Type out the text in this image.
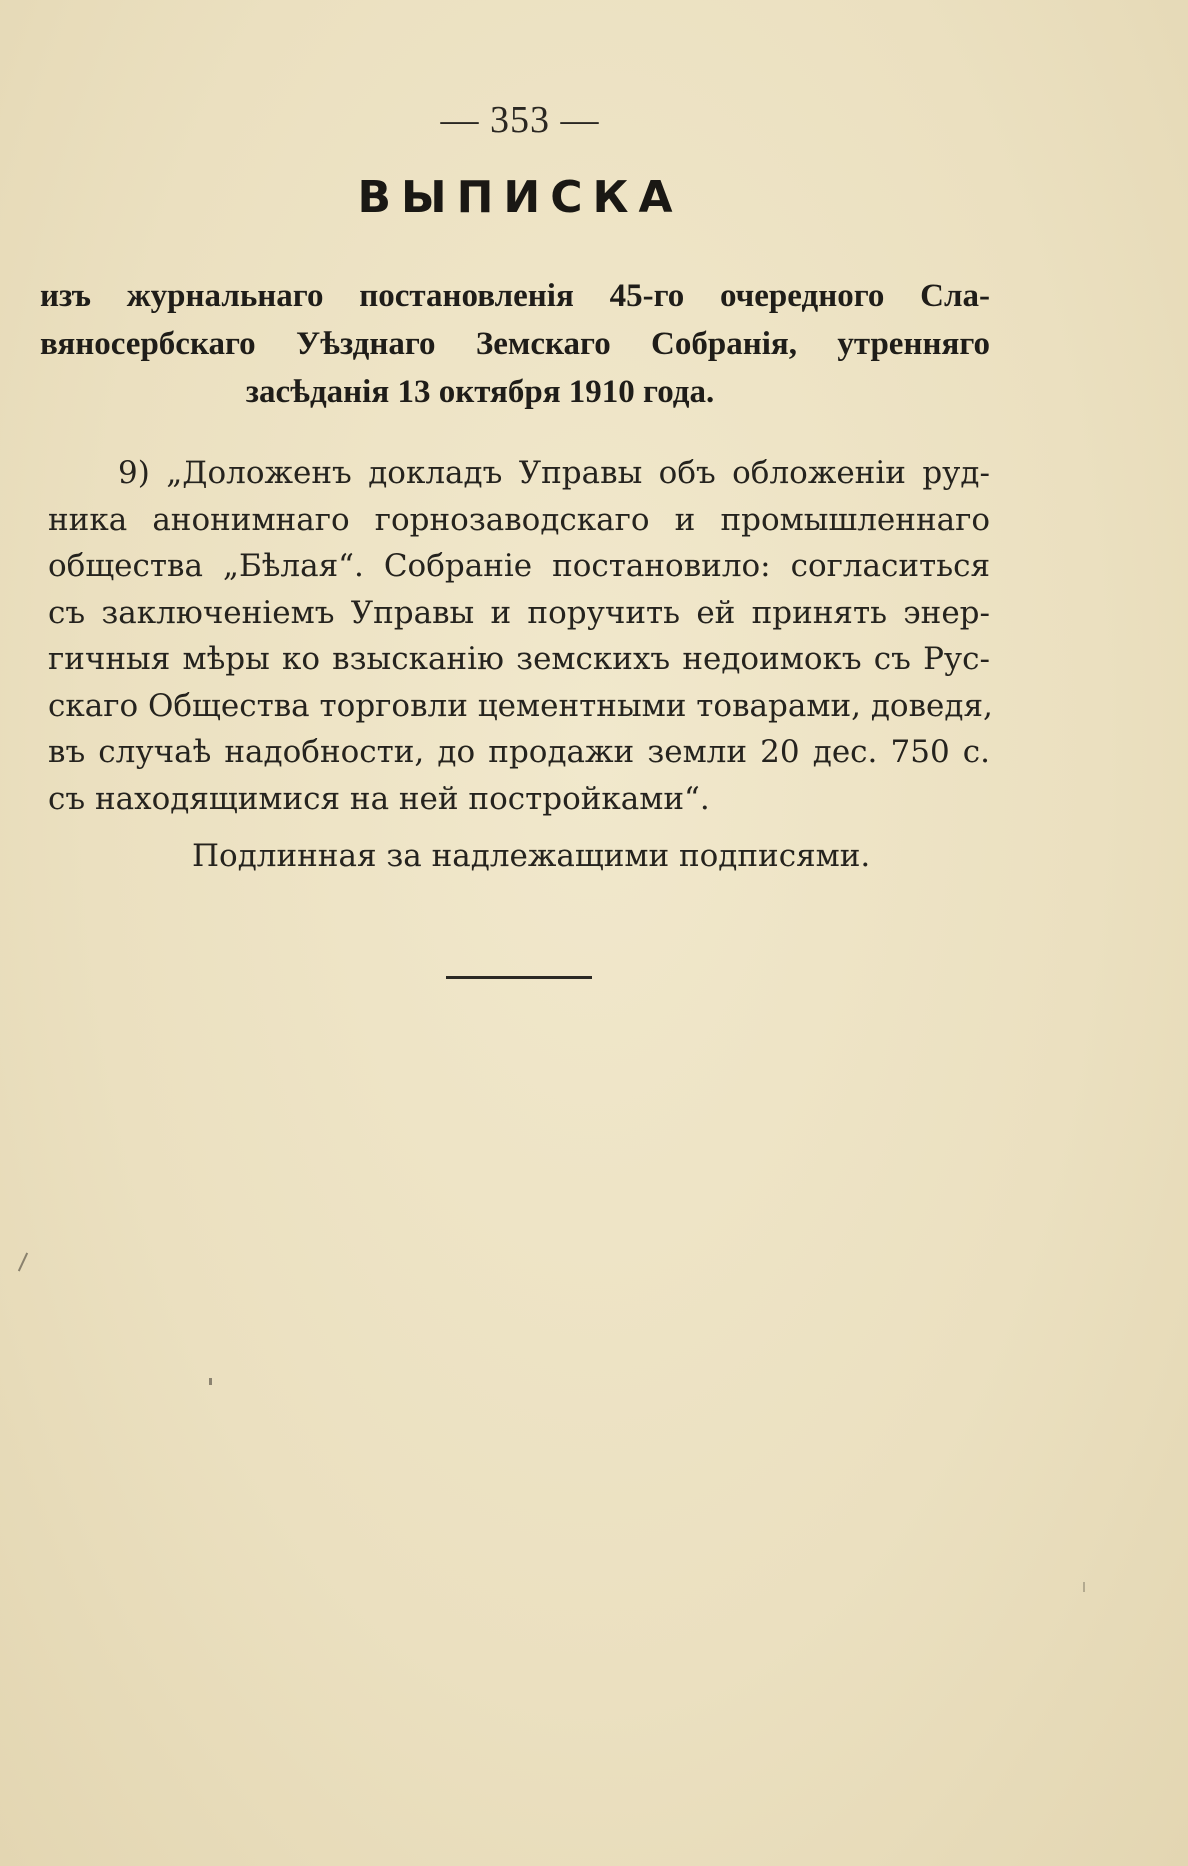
— 353 —
ВЫПИСКА
изъ журнальнаго постановленія 45-го очередного Сла-
вяносербскаго Уѣзднаго Земскаго Собранія, утренняго
засѣданія 13 октября 1910 года.
9) „Доложенъ докладъ Управы объ обложеніи руд-
ника анонимнаго горнозаводскаго и промышленнаго
общества „Бѣлая“. Собраніе постановило: согласиться
съ заключеніемъ Управы и поручить ей принять энер-
гичныя мѣры ко взысканію земскихъ недоимокъ съ Рус-
скаго Общества торговли цементными товарами, доведя,
въ случаѣ надобности, до продажи земли 20 дес. 750 с.
съ находящимися на ней постройками“.
Подлинная за надлежащими подписями.
